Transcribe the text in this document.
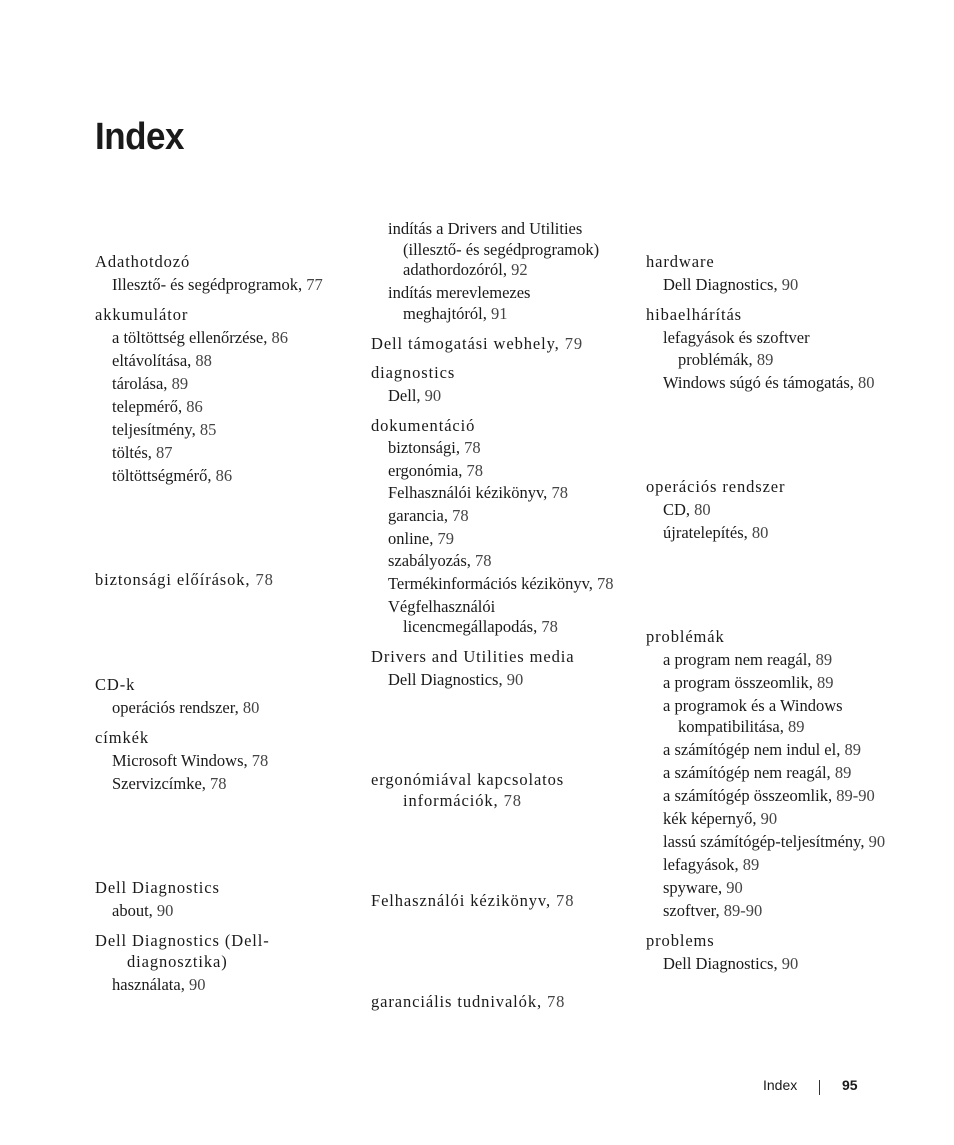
Index
Adathotdozó
Illesztő- és segédprogramok, 77
akkumulátor
a töltöttség ellenőrzése, 86
eltávolítása, 88
tárolása, 89
telepmérő, 86
teljesítmény, 85
töltés, 87
töltöttségmérő, 86
biztonsági előírások, 78
CD-k
operációs rendszer, 80
címkék
Microsoft Windows, 78
Szervizcímke, 78
Dell Diagnostics
about, 90
Dell Diagnostics (Dell-
diagnosztika)
használata, 90
indítás a Drivers and Utilities
(illesztő- és segédprogramok)
adathordozóról, 92
indítás merevlemezes
meghajtóról, 91
Dell támogatási webhely, 79
diagnostics
Dell, 90
dokumentáció
biztonsági, 78
ergonómia, 78
Felhasználói kézikönyv, 78
garancia, 78
online, 79
szabályozás, 78
Termékinformációs kézikönyv, 78
Végfelhasználói
licencmegállapodás, 78
Drivers and Utilities media
Dell Diagnostics, 90
ergonómiával kapcsolatos
információk, 78
Felhasználói kézikönyv, 78
garanciális tudnivalók, 78
hardware
Dell Diagnostics, 90
hibaelhárítás
lefagyások és szoftver
problémák, 89
Windows súgó és támogatás, 80
operációs rendszer
CD, 80
újratelepítés, 80
problémák
a program nem reagál, 89
a program összeomlik, 89
a programok és a Windows
kompatibilitása, 89
a számítógép nem indul el, 89
a számítógép nem reagál, 89
a számítógép összeomlik, 89-90
kék képernyő, 90
lassú számítógép-teljesítmény, 90
lefagyások, 89
spyware, 90
szoftver, 89-90
problems
Dell Diagnostics, 90
Index	95
